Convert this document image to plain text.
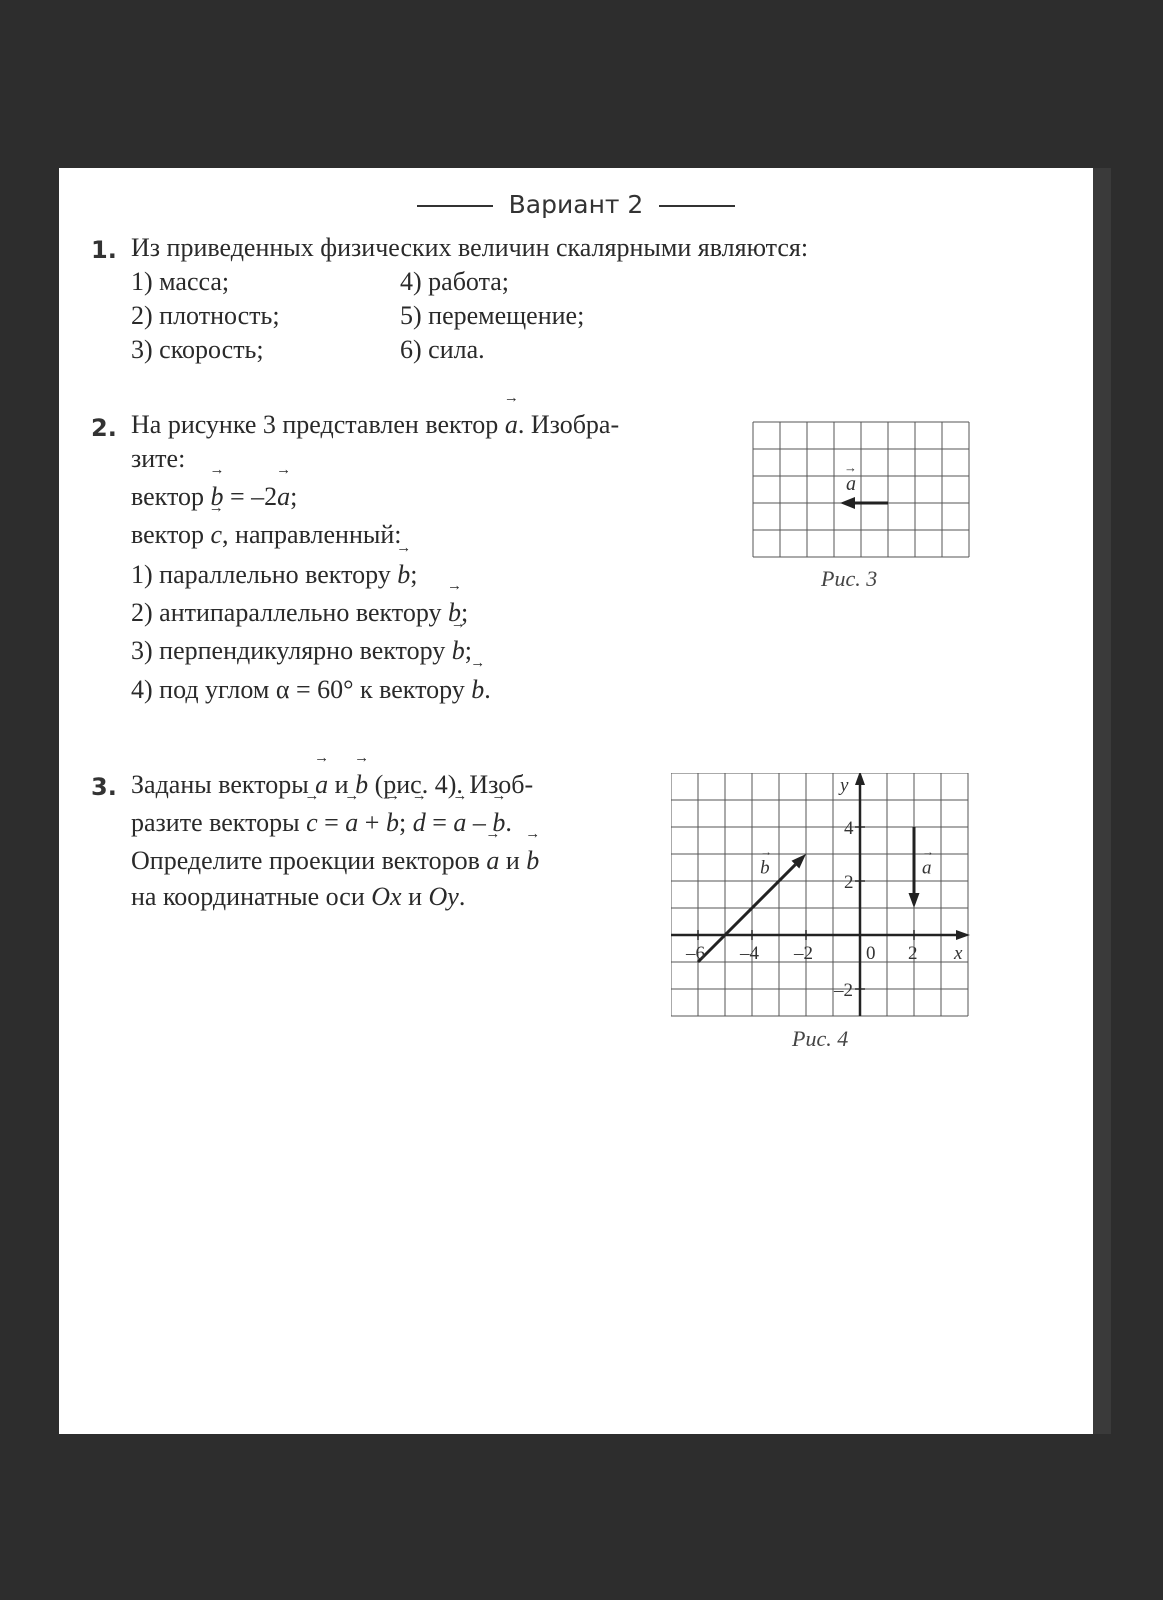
Вариант 2
1. Из приведенных физических величин скалярными являются:
1) масса;
2) плотность;
3) скорость;
4) работа;
5) перемещение;
6) сила.
2. На рисунке 3 представлен вектор → a. Изобра-
зите:
вектор → b = –2→ a;
вектор → c, направленный:
1) параллельно вектору → b;
2) антипараллельно вектору → b;
3) перпендикулярно вектору → b;
4) под углом α = 60° к вектору → b.
a
→
Рис. 3
3. Заданы векторы → a и → b (рис. 4). Изоб-
разите векторы → c = → a + → b; → d = → a – → b.
Определите проекции векторов → a и → b
на координатные оси Ox и Oy.
–6 –4 –2	0 2
4
2
–2
x
y
a
→
b
→
Рис. 4
